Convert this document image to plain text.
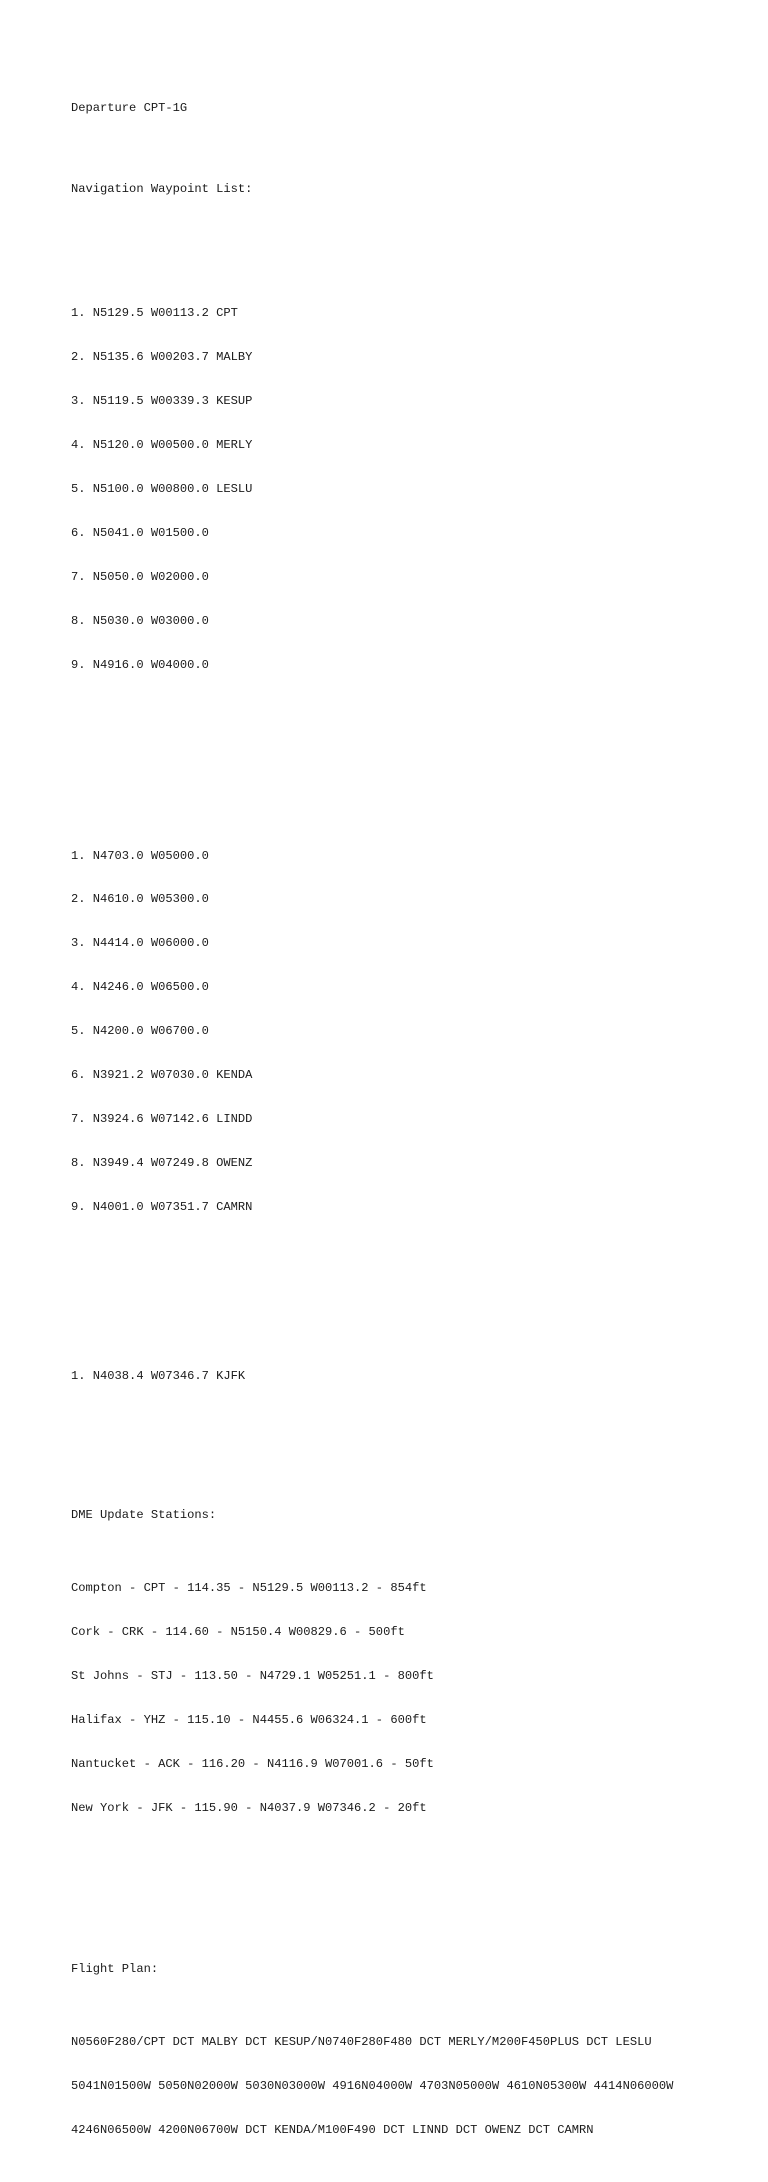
Departure CPT-1G

Navigation Waypoint List:

1. N5129.5 W00113.2 CPT

2. N5135.6 W00203.7 MALBY

3. N5119.5 W00339.3 KESUP

4. N5120.0 W00500.0 MERLY

5. N5100.0 W00800.0 LESLU

6. N5041.0 W01500.0

7. N5050.0 W02000.0

8. N5030.0 W03000.0

9. N4916.0 W04000.0

1. N4703.0 W05000.0

2. N4610.0 W05300.0

3. N4414.0 W06000.0

4. N4246.0 W06500.0

5. N4200.0 W06700.0

6. N3921.2 W07030.0 KENDA

7. N3924.6 W07142.6 LINDD

8. N3949.4 W07249.8 OWENZ

9. N4001.0 W07351.7 CAMRN

1. N4038.4 W07346.7 KJFK

DME Update Stations:

Compton - CPT - 114.35 - N5129.5 W00113.2 - 854ft

Cork - CRK - 114.60 - N5150.4 W00829.6 - 500ft

St Johns - STJ - 113.50 - N4729.1 W05251.1 - 800ft

Halifax - YHZ - 115.10 - N4455.6 W06324.1 - 600ft

Nantucket - ACK - 116.20 - N4116.9 W07001.6 - 50ft

New York - JFK - 115.90 - N4037.9 W07346.2 - 20ft

Flight Plan:

N0560F280/CPT DCT MALBY DCT KESUP/N0740F280F480 DCT MERLY/M200F450PLUS DCT LESLU

5041N01500W 5050N02000W 5030N03000W 4916N04000W 4703N05000W 4610N05300W 4414N06000W

4246N06500W 4200N06700W DCT KENDA/M100F490 DCT LINND DCT OWENZ DCT CAMRN
